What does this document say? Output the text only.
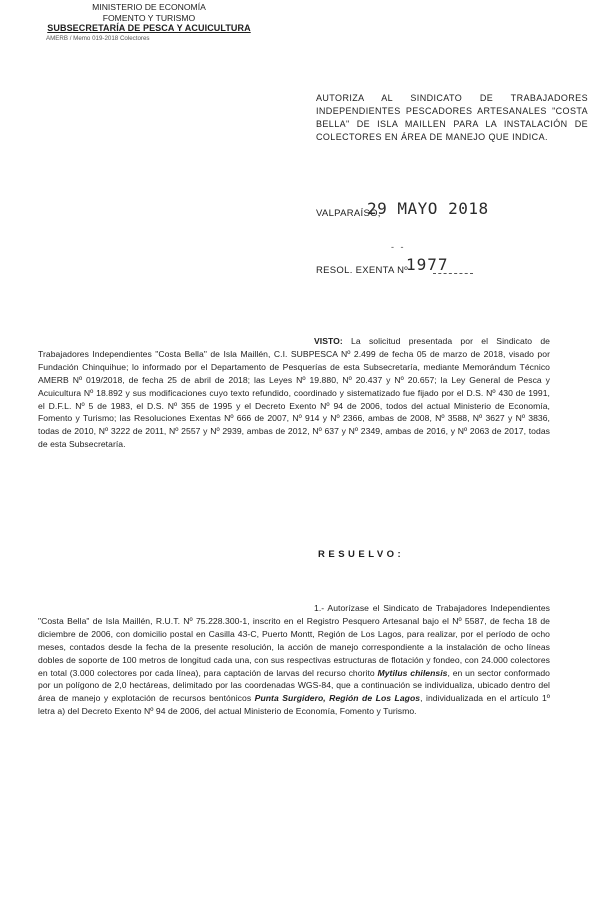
MINISTERIO DE ECONOMÍA
FOMENTO Y TURISMO
SUBSECRETARÍA DE PESCA Y ACUICULTURA
AMERB / Memo 019-2018 Colectores
AUTORIZA AL SINDICATO DE TRABAJADORES INDEPENDIENTES PESCADORES ARTESANALES "COSTA BELLA" DE ISLA MAILLEN PARA LA INSTALACIÓN DE COLECTORES EN ÁREA DE MANEJO QUE INDICA.
VALPARAÍSO,
29 MAYO 2018
‑ ‑
RESOL. EXENTA Nº
1977
VISTO: La solicitud presentada por el Sindicato de Trabajadores Independientes "Costa Bella" de Isla Maillén, C.I. SUBPESCA Nº 2.499 de fecha 05 de marzo de 2018, visado por Fundación Chinquihue; lo informado por el Departamento de Pesquerías de esta Subsecretaría, mediante Memorándum Técnico AMERB Nº 019/2018, de fecha 25 de abril de 2018; las Leyes Nº 19.880, Nº 20.437 y Nº 20.657; la Ley General de Pesca y Acuicultura Nº 18.892 y sus modificaciones cuyo texto refundido, coordinado y sistematizado fue fijado por el D.S. Nº 430 de 1991, el D.F.L. Nº 5 de 1983, el D.S. Nº 355 de 1995 y el Decreto Exento Nº 94 de 2006, todos del actual Ministerio de Economía, Fomento y Turismo; las Resoluciones Exentas Nº 666 de 2007, Nº 914 y Nº 2366, ambas de 2008, Nº 3588, Nº 3627 y Nº 3836, todas de 2010, Nº 3222 de 2011, Nº 2557 y Nº 2939, ambas de 2012, Nº 637 y Nº 2349, ambas de 2016, y Nº 2063 de 2017, todas de esta Subsecretaría.
RESUELVO:
1.- Autorízase el Sindicato de Trabajadores Independientes "Costa Bella" de Isla Maillén, R.U.T. Nº 75.228.300-1, inscrito en el Registro Pesquero Artesanal bajo el Nº 5587, de fecha 18 de diciembre de 2006, con domicilio postal en Casilla 43-C, Puerto Montt, Región de Los Lagos, para realizar, por el período de ocho meses, contados desde la fecha de la presente resolución, la acción de manejo correspondiente a la instalación de ocho líneas dobles de soporte de 100 metros de longitud cada una, con sus respectivas estructuras de flotación y fondeo, con 24.000 colectores en total (3.000 colectores por cada línea), para captación de larvas del recurso chorito Mytilus chilensis, en un sector conformado por un polígono de 2,0 hectáreas, delimitado por las coordenadas WGS-84, que a continuación se individualiza, ubicado dentro del área de manejo y explotación de recursos bentónicos Punta Surgidero, Región de Los Lagos, individualizada en el artículo 1º letra a) del Decreto Exento Nº 94 de 2006, del actual Ministerio de Economía, Fomento y Turismo.
